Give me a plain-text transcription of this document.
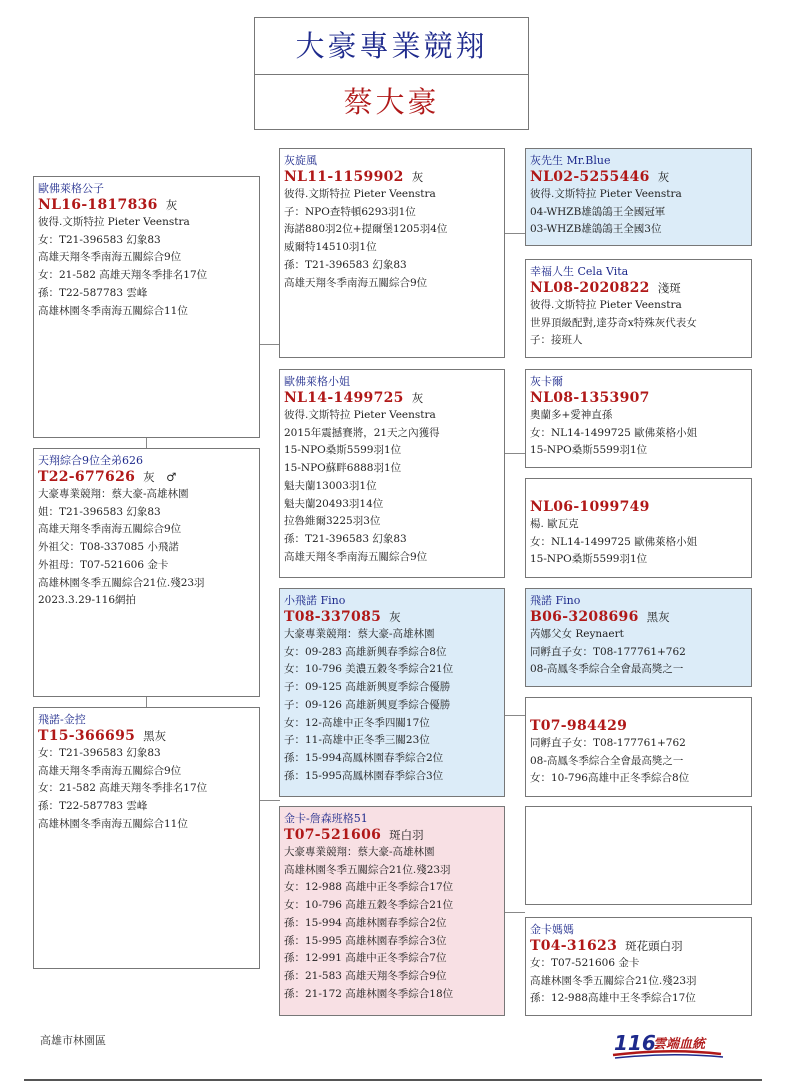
大豪專業競翔
蔡大豪
歐佛萊格公子
NL16-1817836 灰
彼得.文斯特拉 Pieter Veenstra
女：T21-396583 幻象83
高雄天翔冬季南海五關綜合9位
女：21-582 高雄天翔冬季排名17位
孫：T22-587783 雲峰
高雄林園冬季南海五關綜合11位
天翔綜合9位全弟626
T22-677626 灰　♂
大豪專業競翔：蔡大豪-高雄林園
姐：T21-396583 幻象83
高雄天翔冬季南海五關綜合9位
外祖父：T08-337085 小飛諾
外祖母：T07-521606 金卡
高雄林園冬季五關綜合21位.殘23羽
2023.3.29-116網拍
飛諾-金控
T15-366695 黑灰
女：T21-396583 幻象83
高雄天翔冬季南海五關綜合9位
女：21-582 高雄天翔冬季排名17位
孫：T22-587783 雲峰
高雄林園冬季南海五關綜合11位
灰旋風
NL11-1159902 灰
彼得.文斯特拉 Pieter Veenstra
子：NPO查特頓6293羽1位
海諾880羽2位+提爾堡1205羽4位
威爾特14510羽1位
孫：T21-396583 幻象83
高雄天翔冬季南海五關綜合9位
歐佛萊格小姐
NL14-1499725 灰
彼得.文斯特拉 Pieter Veenstra
2015年震撼賽將，21天之內獲得
15-NPO桑斯5599羽1位
15-NPO蘇畔6888羽1位
魁夫蘭13003羽1位
魁夫蘭20493羽14位
拉魯維爾3225羽3位
孫：T21-396583 幻象83
高雄天翔冬季南海五關綜合9位
小飛諾 Fino
T08-337085 灰
大豪專業競翔：蔡大豪-高雄林園
女：09-283 高雄新興春季綜合8位
女：10-796 美濃五穀冬季綜合21位
子：09-125 高雄新興夏季綜合優勝
子：09-126 高雄新興夏季綜合優勝
女：12-高雄中正冬季四關17位
子：11-高雄中正冬季三關23位
孫：15-994高鳳林園春季綜合2位
孫：15-995高鳳林園春季綜合3位
金卡-詹森班格51
T07-521606 斑白羽
大豪專業競翔：蔡大豪-高雄林園
高雄林園冬季五關綜合21位.殘23羽
女：12-988 高雄中正冬季綜合17位
女：10-796 高雄五穀冬季綜合21位
孫：15-994 高雄林園春季綜合2位
孫：15-995 高雄林園春季綜合3位
孫：12-991 高雄中正冬季綜合7位
孫：21-583 高雄天翔冬季綜合9位
孫：21-172 高雄林園冬季綜合18位
灰先生 Mr.Blue
NL02-5255446 灰
彼得.文斯特拉 Pieter Veenstra
04-WHZB雄鴿鴿王全國冠軍
03-WHZB雄鴿鴿王全國3位
幸福人生 Cela Vita
NL08-2020822 淺斑
彼得.文斯特拉 Pieter Veenstra
世界頂級配對,達芬奇x特殊灰代表女
子：接班人
灰卡爾
NL08-1353907
奧蘭多+愛神直孫
女：NL14-1499725 歐佛萊格小姐
15-NPO桑斯5599羽1位
NL06-1099749
楊. 歐瓦克
女：NL14-1499725 歐佛萊格小姐
15-NPO桑斯5599羽1位
飛諾 Fino
B06-3208696 黑灰
芮娜父女 Reynaert
同孵直子女：T08-177761+762
08-高鳳冬季綜合全會最高獎之一
T07-984429
同孵直子女：T08-177761+762
08-高鳳冬季綜合全會最高獎之一
女：10-796高雄中正冬季綜合8位
金卡媽媽
T04-31623 斑花頭白羽
女：T07-521606 金卡
高雄林園冬季五關綜合21位.殘23羽
孫：12-988高雄中王冬季綜合17位
高雄市林園區	116
雲端血統
